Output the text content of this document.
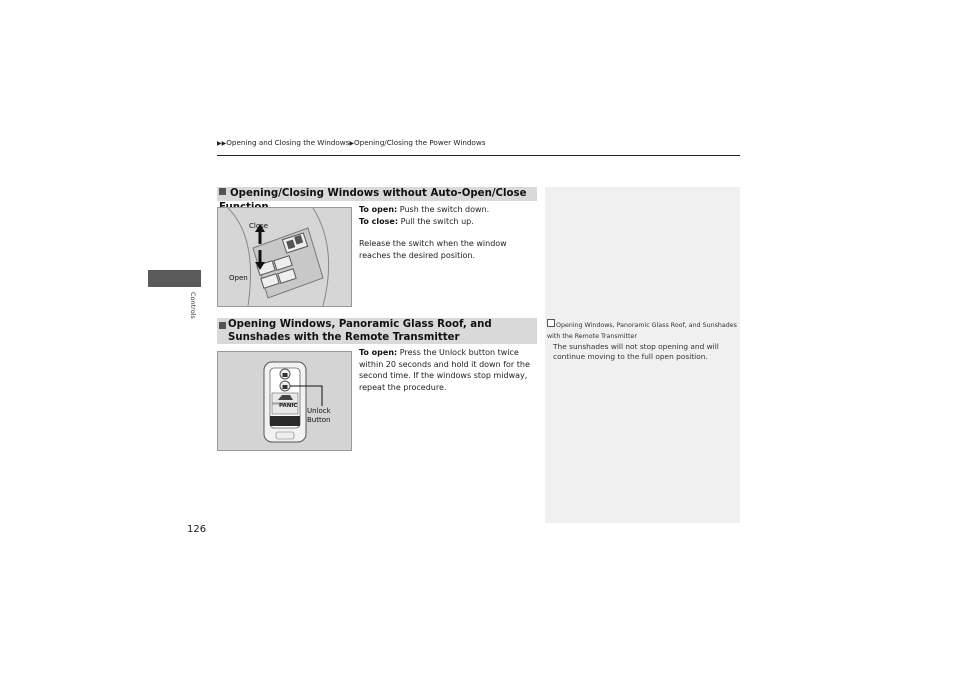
▶▶Opening and Closing the Windows▶Opening/Closing the Power Windows
Controls
Opening/Closing Windows without Auto-Open/Close
Close
Open
To open: Push the switch down.
To close: Pull the switch up.
Release the switch when the window reaches the desired position.
Opening Windows, Panoramic Glass Roof, and Sunshades with the Remote Transmitter
PANIC
Unlock
Button
To open: Press the Unlock button twice within 20 seconds and hold it down for the second time. If the windows stop midway, repeat the procedure.
Opening Windows, Panoramic Glass Roof, and Sunshades with the Remote Transmitter
The sunshades will not stop opening and will continue moving to the full open position.
126
